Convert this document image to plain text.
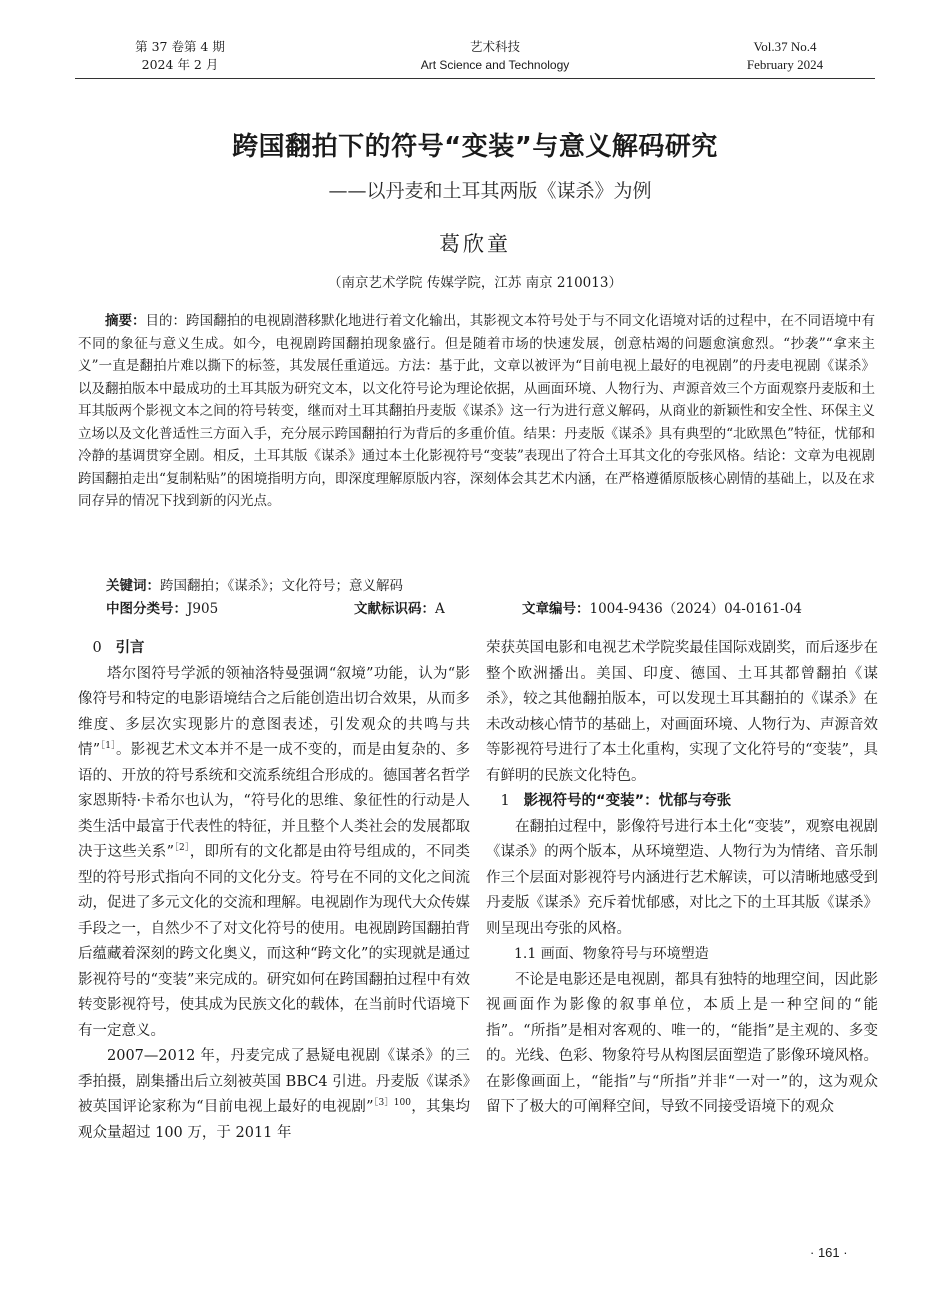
第 37 卷第 4 期
2024 年 2 月
艺术科技
Art Science and Technology
Vol.37 No.4
February 2024
跨国翻拍下的符号“变装”与意义解码研究
——以丹麦和土耳其两版《谋杀》为例
葛欣童
（南京艺术学院 传媒学院，江苏 南京 210013）
摘要：目的：跨国翻拍的电视剧潜移默化地进行着文化输出，其影视文本符号处于与不同文化语境对话的过程中，在不同语境中有不同的象征与意义生成。如今，电视剧跨国翻拍现象盛行。但是随着市场的快速发展，创意枯竭的问题愈演愈烈。“抄袭”“拿来主义”一直是翻拍片难以撕下的标签，其发展任重道远。方法：基于此，文章以被评为“目前电视上最好的电视剧”的丹麦电视剧《谋杀》以及翻拍版本中最成功的土耳其版为研究文本，以文化符号论为理论依据，从画面环境、人物行为、声源音效三个方面观察丹麦版和土耳其版两个影视文本之间的符号转变，继而对土耳其翻拍丹麦版《谋杀》这一行为进行意义解码，从商业的新颖性和安全性、环保主义立场以及文化普适性三方面入手，充分展示跨国翻拍行为背后的多重价值。结果：丹麦版《谋杀》具有典型的“北欧黑色”特征，忧郁和冷静的基调贯穿全剧。相反，土耳其版《谋杀》通过本土化影视符号“变装”表现出了符合土耳其文化的夸张风格。结论：文章为电视剧跨国翻拍走出“复制粘贴”的困境指明方向，即深度理解原版内容，深刻体会其艺术内涵，在严格遵循原版核心剧情的基础上，以及在求同存异的情况下找到新的闪光点。
关键词：跨国翻拍；《谋杀》；文化符号；意义解码
中图分类号：J905	文献标识码：A	文章编号：1004-9436（2024）04-0161-04
0 引言

塔尔图符号学派的领袖洛特曼强调“叙境”功能，认为“影像符号和特定的电影语境结合之后能创造出切合效果，从而多维度、多层次实现影片的意图表述，引发观众的共鸣与共情”$^{[1]}$。影视艺术文本并不是一成不变的，而是由复杂的、多语的、开放的符号系统和交流系统组合形成的。德国著名哲学家恩斯特·卡希尔也认为，“符号化的思维、象征性的行动是人类生活中最富于代表性的特征，并且整个人类社会的发展都取决于这些关系”$^{[2]}$，即所有的文化都是由符号组成的，不同类型的符号形式指向不同的文化分支。符号在不同的文化之间流动，促进了多元文化的交流和理解。电视剧作为现代大众传媒手段之一，自然少不了对文化符号的使用。电视剧跨国翻拍背后蕴藏着深刻的跨文化奥义，而这种“跨文化”的实现就是通过影视符号的“变装”来完成的。研究如何在跨国翻拍过程中有效转变影视符号，使其成为民族文化的载体，在当前时代语境下有一定意义。

2007—2012 年，丹麦完成了悬疑电视剧《谋杀》的三季拍摄，剧集播出后立刻被英国 BBC4 引进。丹麦版《谋杀》被英国评论家称为“目前电视上最好的电视剧”$^{[3]100}$，其集均观众量超过 100 万，于 2011 年

荣获英国电影和电视艺术学院奖最佳国际戏剧奖，而后逐步在整个欧洲播出。美国、印度、德国、土耳其都曾翻拍《谋杀》，较之其他翻拍版本，可以发现土耳其翻拍的《谋杀》在未改动核心情节的基础上，对画面环境、人物行为、声源音效等影视符号进行了本土化重构，实现了文化符号的“变装”，具有鲜明的民族文化特色。

1 影视符号的“变装”：忧郁与夸张

在翻拍过程中，影像符号进行本土化“变装”，观察电视剧《谋杀》的两个版本，从环境塑造、人物行为为情绪、音乐制作三个层面对影视符号内涵进行艺术解读，可以清晰地感受到丹麦版《谋杀》充斥着忧郁感，对比之下的土耳其版《谋杀》则呈现出夸张的风格。

1.1 画面、物象符号与环境塑造

不论是电影还是电视剧，都具有独特的地理空间，因此影视画面作为影像的叙事单位，本质上是一种空间的“能指”。“所指”是相对客观的、唯一的，“能指”是主观的、多变的。光线、色彩、物象符号从构图层面塑造了影像环境风格。在影像画面上，“能指”与“所指”并非“一对一”的，这为观众留下了极大的可阐释空间，导致不同接受语境下的观众

· 161 ·
